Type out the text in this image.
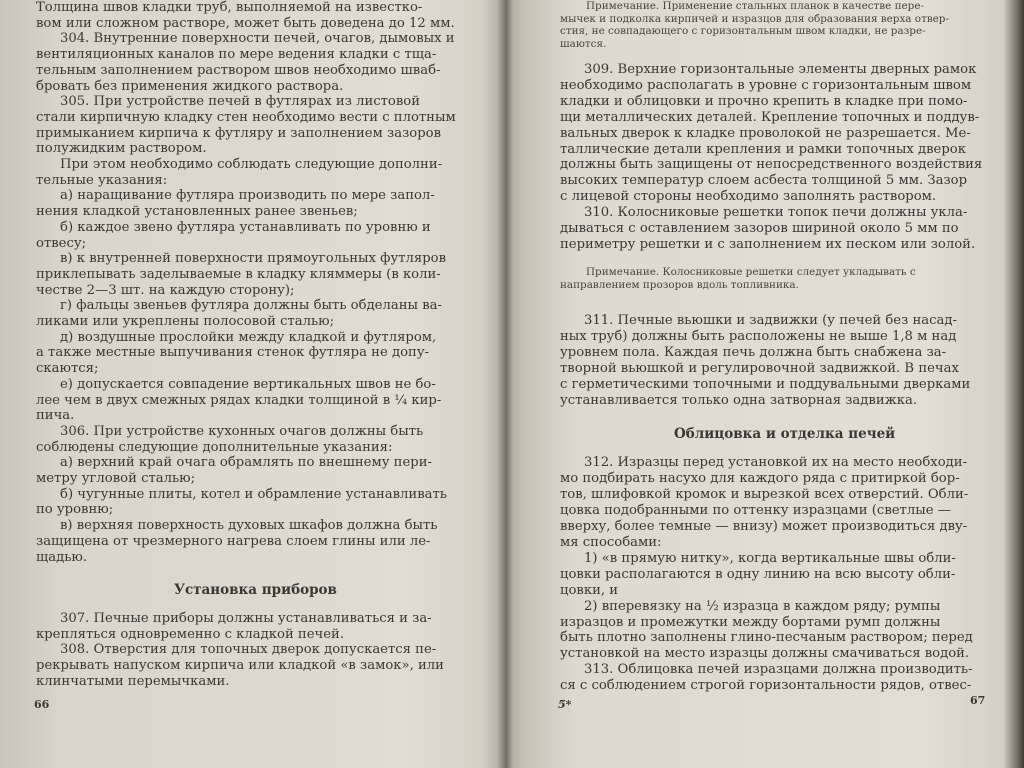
Толщина швов кладки труб, выполняемой на известко-
вом или сложном растворе, может быть доведена до 12 мм.
304. Внутренние поверхности печей, очагов, дымовых и
вентиляционных каналов по мере ведения кладки с тща-
тельным заполнением раствором швов необходимо шваб-
бровать без применения жидкого раствора.
305. При устройстве печей в футлярах из листовой
стали кирпичную кладку стен необходимо вести с плотным
примыканием кирпича к футляру и заполнением зазоров
полужидким раствором.
При этом необходимо соблюдать следующие дополни-
тельные указания:
а) наращивание футляра производить по мере запол-
нения кладкой установленных ранее звеньев;
б) каждое звено футляра устанавливать по уровню и
отвесу;
в) к внутренней поверхности прямоугольных футляров
приклепывать заделываемые в кладку кляммеры (в коли-
честве 2—3 шт. на каждую сторону);
г) фальцы звеньев футляра должны быть обделаны ва-
ликами или укреплены полосовой сталью;
д) воздушные прослойки между кладкой и футляром,
а также местные выпучивания стенок футляра не допу-
скаются;
е) допускается совпадение вертикальных швов не бо-
лее чем в двух смежных рядах кладки толщиной в ¼ кир-
пича.
306. При устройстве кухонных очагов должны быть
соблюдены следующие дополнительные указания:
а) верхний край очага обрамлять по внешнему пери-
метру угловой сталью;
б) чугунные плиты, котел и обрамление устанавливать
по уровню;
в) верхняя поверхность духовых шкафов должна быть
защищена от чрезмерного нагрева слоем глины или ле-
щадью.
Установка приборов
307. Печные приборы должны устанавливаться и за-
крепляться одновременно с кладкой печей.
308. Отверстия для топочных дверок допускается пе-
рекрывать напуском кирпича или кладкой «в замок», или
клинчатыми перемычками.
66
Примечание. Применение стальных планок в качестве пере-
мычек и подколка кирпичей и изразцов для образования верха отвер-
стия, не совпадающего с горизонтальным швом кладки, не разре-
шаются.
309. Верхние горизонтальные элементы дверных рамок
необходимо располагать в уровне с горизонтальным швом
кладки и облицовки и прочно крепить в кладке при помо-
щи металлических деталей. Крепление топочных и поддув-
вальных дверок к кладке проволокой не разрешается. Ме-
таллические детали крепления и рамки топочных дверок
должны быть защищены от непосредственного воздействия
высоких температур слоем асбеста толщиной 5 мм. Зазор
с лицевой стороны необходимо заполнять раствором.
310. Колосниковые решетки топок печи должны укла-
дываться с оставлением зазоров шириной около 5 мм по
периметру решетки и с заполнением их песком или золой.
Примечание. Колосниковые решетки следует укладывать с
направлением прозоров вдоль топливника.
311. Печные вьюшки и задвижки (у печей без насад-
ных труб) должны быть расположены не выше 1,8 м над
уровнем пола. Каждая печь должна быть снабжена за-
творной вьюшкой и регулировочной задвижкой. В печах
с герметическими топочными и поддувальными дверками
устанавливается только одна затворная задвижка.
Облицовка и отделка печей
312. Изразцы перед установкой их на место необходи-
мо подбирать насухо для каждого ряда с притиркой бор-
тов, шлифовкой кромок и вырезкой всех отверстий. Обли-
цовка подобранными по оттенку изразцами (светлые —
вверху, более темные — внизу) может производиться дву-
мя способами:
1) «в прямую нитку», когда вертикальные швы обли-
цовки располагаются в одну линию на всю высоту обли-
цовки, и
2) вперевязку на ½ изразца в каждом ряду; румпы
изразцов и промежутки между бортами румп должны
быть плотно заполнены глино-песчаным раствором; перед
установкой на место изразцы должны смачиваться водой.
313. Облицовка печей изразцами должна производить-
ся с соблюдением строгой горизонтальности рядов, отвес-
5*	67
